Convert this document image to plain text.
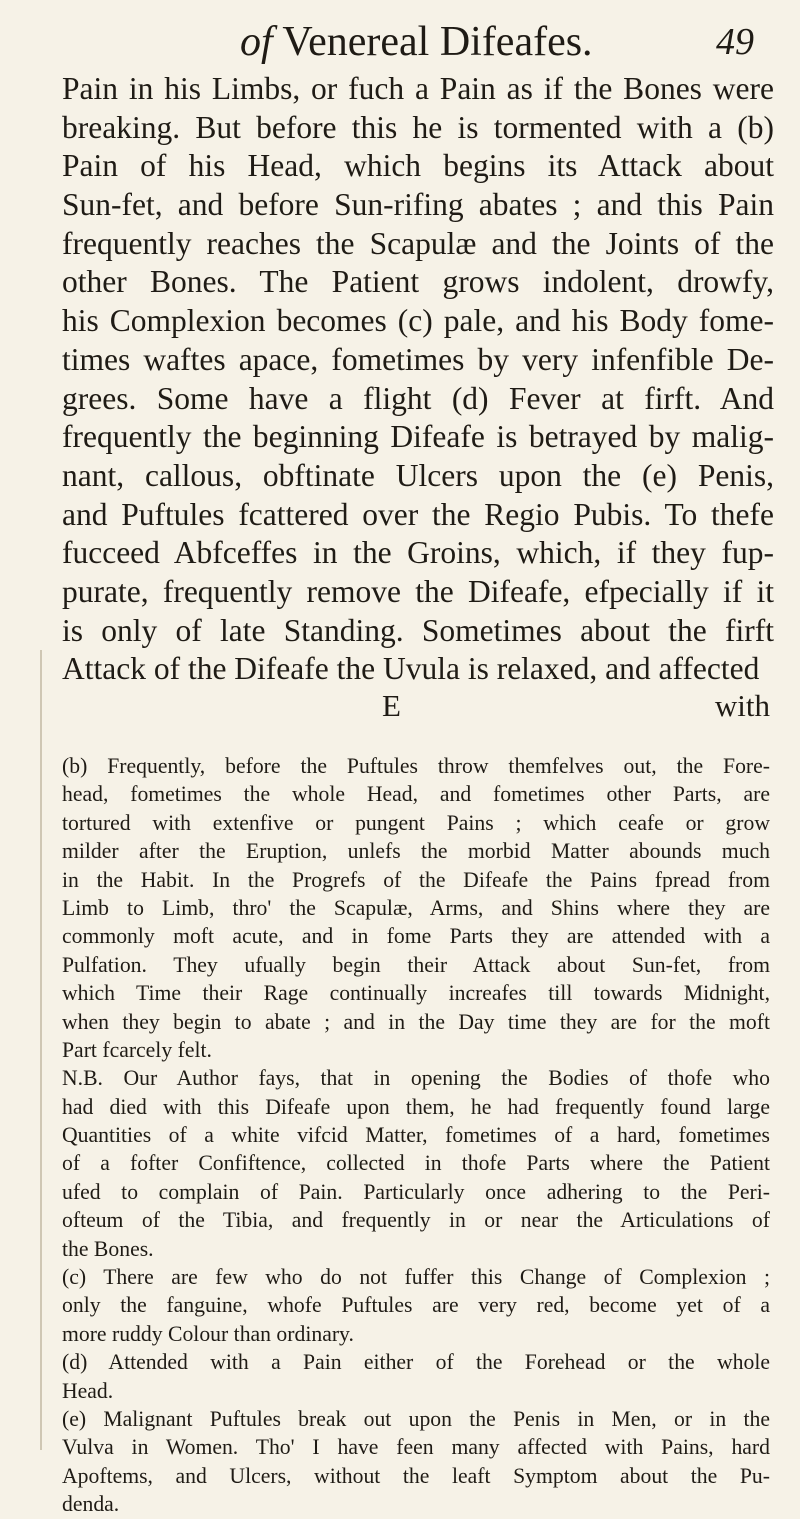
of Venereal Difeafes.	49
Pain in his Limbs, or fuch a Pain as if the Bones were
breaking. But before this he is tormented with a (b)
Pain of his Head, which begins its Attack about
Sun-fet, and before Sun-rifing abates ; and this Pain
frequently reaches the Scapulæ and the Joints of the
other Bones. The Patient grows indolent, drowfy,
his Complexion becomes (c) pale, and his Body fome-
times waftes apace, fometimes by very infenfible De-
grees. Some have a flight (d) Fever at firft. And
frequently the beginning Difeafe is betrayed by malig-
nant, callous, obftinate Ulcers upon the (e) Penis,
and Puftules fcattered over the Regio Pubis. To thefe
fucceed Abfceffes in the Groins, which, if they fup-
purate, frequently remove the Difeafe, efpecially if it
is only of late Standing. Sometimes about the firft
Attack of the Difeafe the Uvula is relaxed, and affected
E	with
(b) Frequently, before the Puftules throw themfelves out, the Fore-
head, fometimes the whole Head, and fometimes other Parts, are
tortured with extenfive or pungent Pains ; which ceafe or grow
milder after the Eruption, unlefs the morbid Matter abounds much
in the Habit. In the Progrefs of the Difeafe the Pains fpread from
Limb to Limb, thro' the Scapulæ, Arms, and Shins where they are
commonly moft acute, and in fome Parts they are attended with a
Pulfation. They ufually begin their Attack about Sun-fet, from
which Time their Rage continually increafes till towards Midnight,
when they begin to abate ; and in the Day time they are for the moft
Part fcarcely felt.
N.B. Our Author fays, that in opening the Bodies of thofe who
had died with this Difeafe upon them, he had frequently found large
Quantities of a white vifcid Matter, fometimes of a hard, fometimes
of a fofter Confiftence, collected in thofe Parts where the Patient
ufed to complain of Pain. Particularly once adhering to the Peri-
ofteum of the Tibia, and frequently in or near the Articulations of
the Bones.
(c) There are few who do not fuffer this Change of Complexion ;
only the fanguine, whofe Puftules are very red, become yet of a
more ruddy Colour than ordinary.
(d) Attended with a Pain either of the Forehead or the whole
Head.
(e) Malignant Puftules break out upon the Penis in Men, or in the
Vulva in Women. Tho' I have feen many affected with Pains, hard
Apoftems, and Ulcers, without the leaft Symptom about the Pu-
denda.
